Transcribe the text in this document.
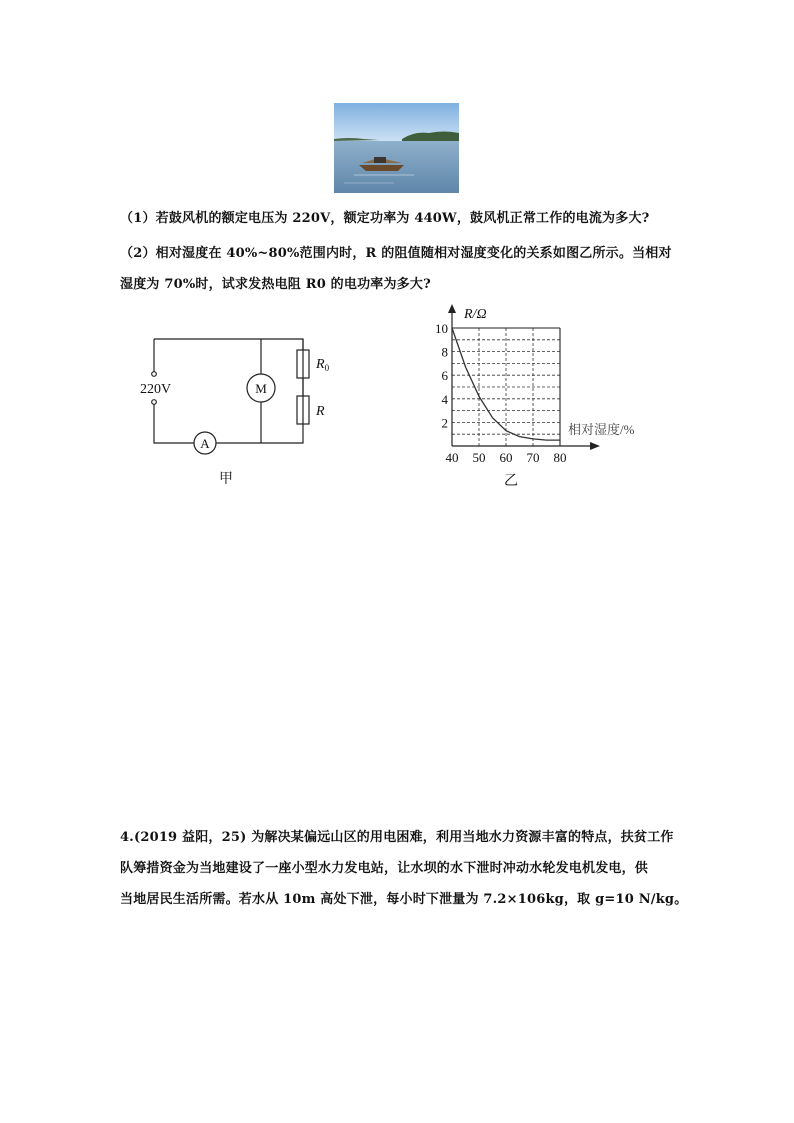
（1）若鼓风机的额定电压为 220V，额定功率为 440W，鼓风机正常工作的电流为多大?
（2）相对湿度在 40%~80%范围内时，R 的阻值随相对湿度变化的关系如图乙所示。当相对
湿度为 70%时，试求发热电阻 R0 的电功率为多大?
220V	M
A
$R_0$
R
甲
40 50 60 70 80
2
4
6
8
10
R/Ω
相对湿度/%
乙
4.(2019 益阳，25) 为解决某偏远山区的用电困难，利用当地水力资源丰富的特点，扶贫工作
队筹措资金为当地建设了一座小型水力发电站，让水坝的水下泄时冲动水轮发电机发电，供
当地居民生活所需。若水从 10m 高处下泄，每小时下泄量为 7.2×106kg，取 g=10 N/kg。
